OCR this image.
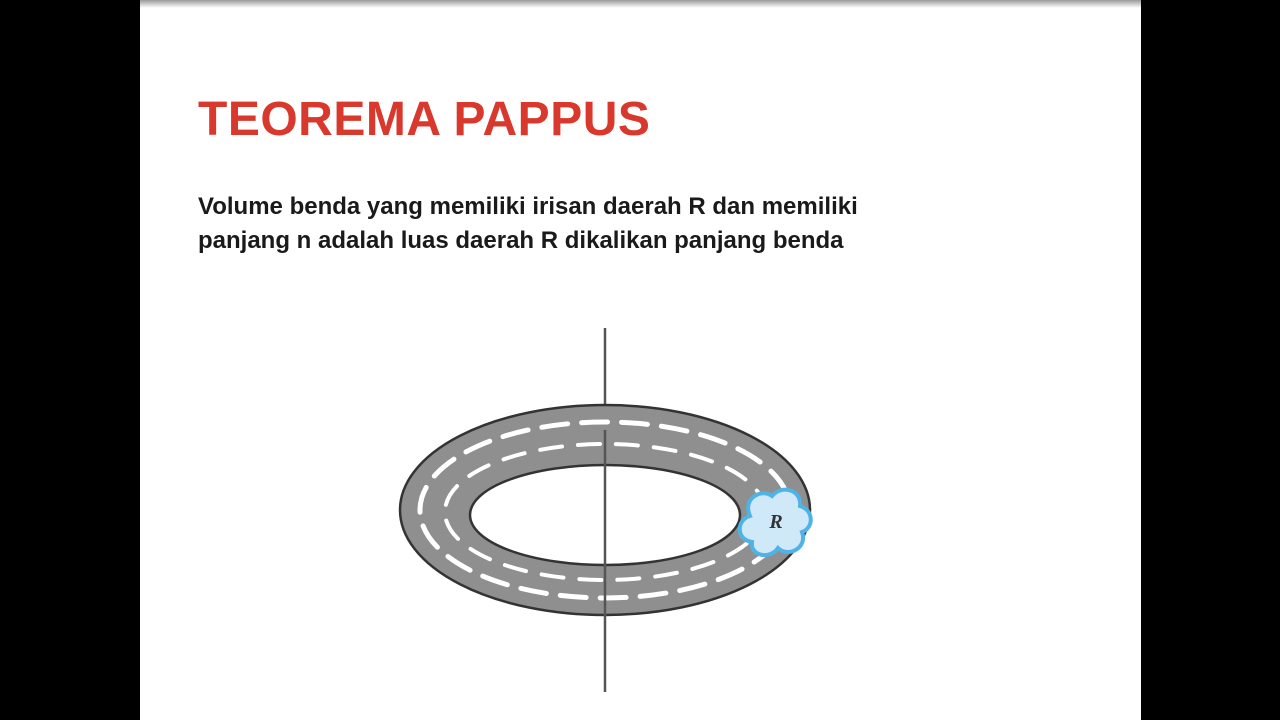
TEOREMA PAPPUS

Volume benda yang memiliki irisan daerah R dan memiliki
panjang n adalah luas daerah R dikalikan panjang benda

R
